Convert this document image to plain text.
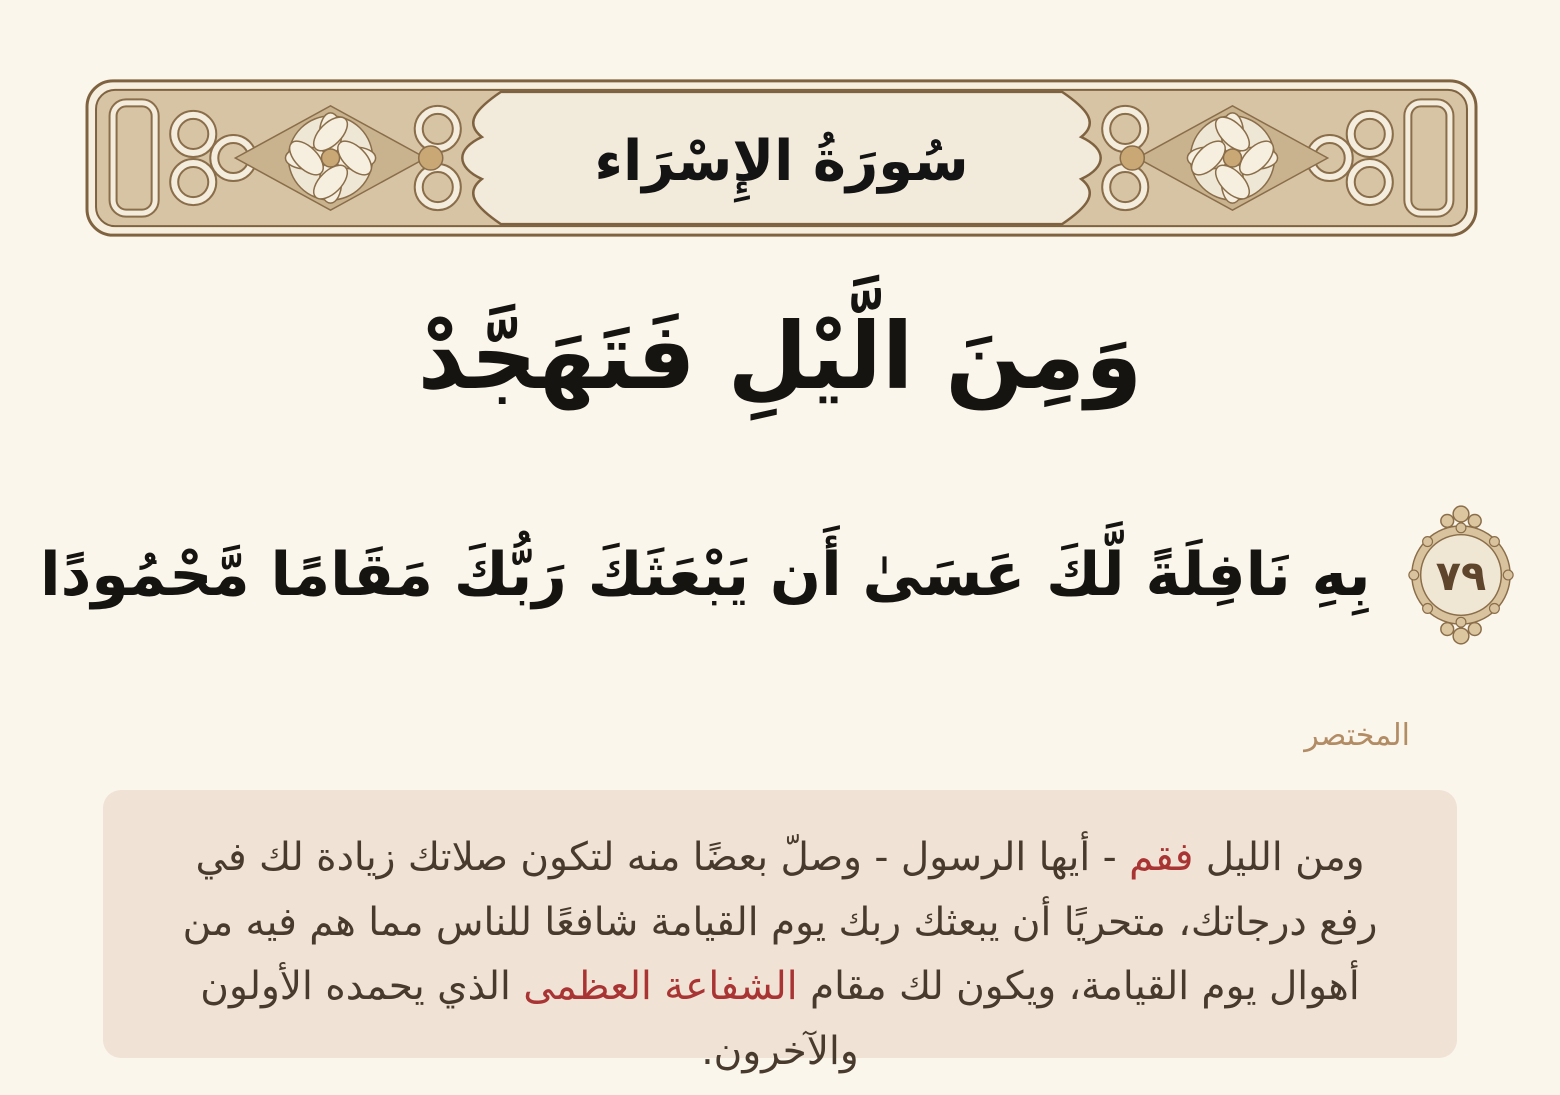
سُورَةُ الإِسْرَاء
وَمِنَ الَّيْلِ فَتَهَجَّدْ
بِهِ نَافِلَةً لَّكَ عَسَىٰ أَن يَبْعَثَكَ رَبُّكَ مَقَامًا مَّحْمُودًا ٧٩
المختصر

ومن الليل فقم - أيها الرسول - وصلّ بعضًا منه لتكون صلاتك زيادة لك في رفع درجاتك، متحريًا أن يبعثك ربك يوم القيامة شافعًا للناس مما هم فيه من أهوال يوم القيامة، ويكون لك مقام الشفاعة العظمى الذي يحمده الأولون والآخرون.
